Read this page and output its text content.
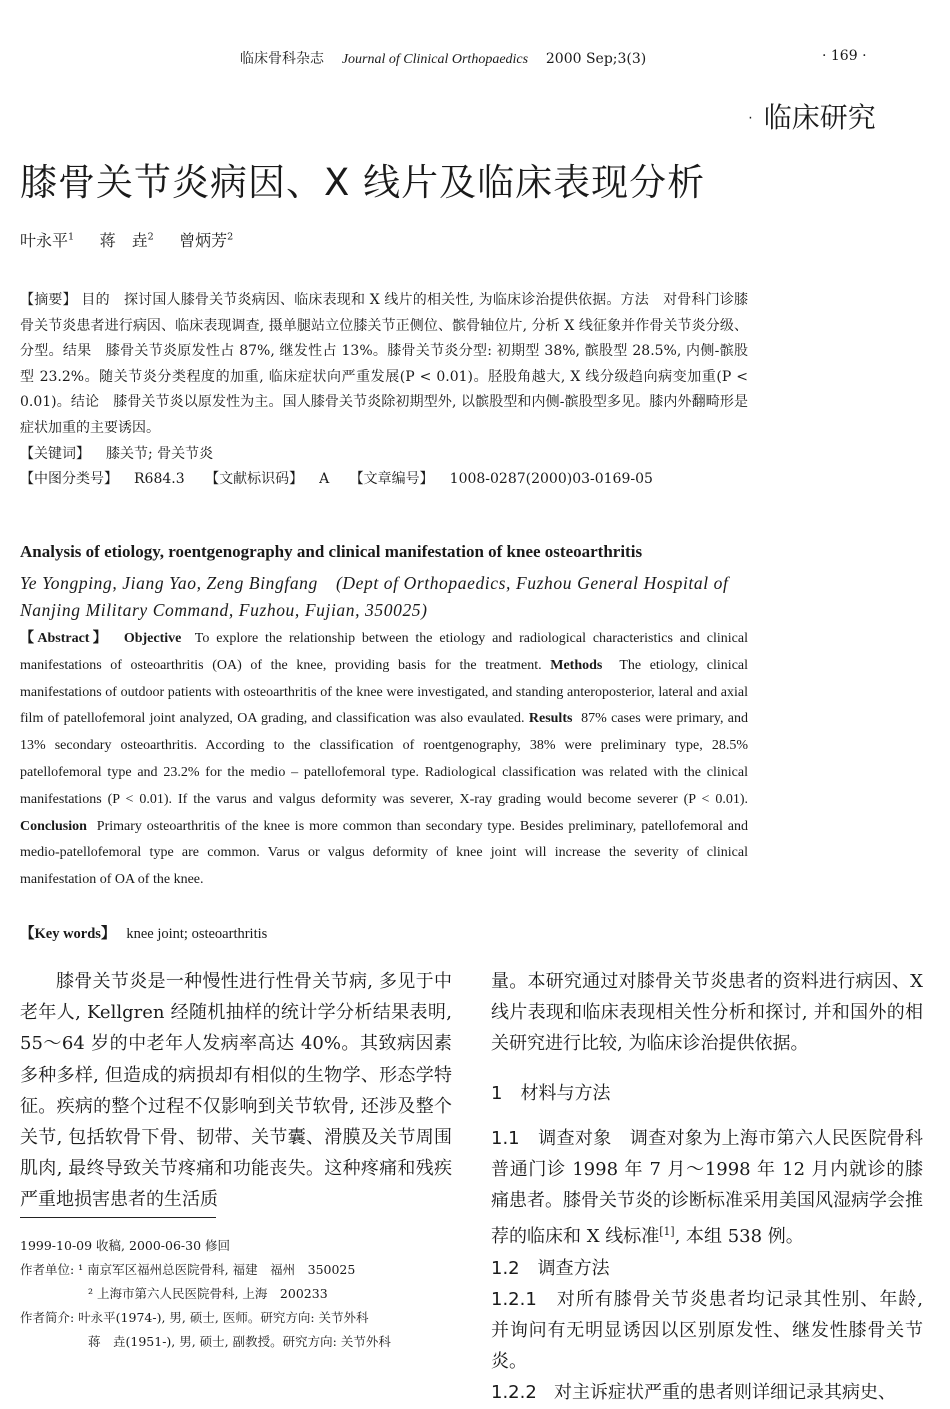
临床骨科杂志 Journal of Clinical Orthopaedics 2000 Sep;3(3)	· 169 ·
· 临床研究
膝骨关节炎病因、X 线片及临床表现分析
叶永平$^1$ 蒋　垚$^2$ 曾炳芳$^2$

【摘要】 目的　探讨国人膝骨关节炎病因、临床表现和 X 线片的相关性, 为临床诊治提供依据。方法　对骨科门诊膝骨关节炎患者进行病因、临床表现调查, 摄单腿站立位膝关节正侧位、髌骨轴位片, 分析 X 线征象并作骨关节炎分级、分型。结果　膝骨关节炎原发性占 87%, 继发性占 13%。膝骨关节炎分型: 初期型 38%, 髌股型 28.5%, 内侧-髌股型 23.2%。随关节炎分类程度的加重, 临床症状向严重发展(P < 0.01)。胫股角越大, X 线分级趋向病变加重(P < 0.01)。结论　膝骨关节炎以原发性为主。国人膝骨关节炎除初期型外, 以髌股型和内侧-髌股型多见。膝内外翻畸形是症状加重的主要诱因。

【关键词】 膝关节; 骨关节炎

【中图分类号】 R684.3 【文献标识码】 A 【文章编号】 1008-0287(2000)03-0169-05

Analysis of etiology, roentgenography and clinical manifestation of knee osteoarthritis
Ye Yongping, Jiang Yao, Zeng Bingfang　(Dept of Orthopaedics, Fuzhou General Hospital of Nanjing Military Command, Fuzhou, Fujian, 350025)
【Abstract】 Objective To explore the relationship between the etiology and radiological characteristics and clinical manifestations of osteoarthritis (OA) of the knee, providing basis for the treatment. Methods The etiology, clinical manifestations of outdoor patients with osteoarthritis of the knee were investigated, and standing anteroposterior, lateral and axial film of patellofemoral joint analyzed, OA grading, and classification was also evaulated. Results 87% cases were primary, and 13% secondary osteoarthritis. According to the classification of roentgenography, 38% were preliminary type, 28.5% patellofemoral type and 23.2% for the medio – patellofemoral type. Radiological classification was related with the clinical manifestations (P < 0.01). If the varus and valgus deformity was severer, X-ray grading would become severer (P < 0.01). Conclusion Primary osteoarthritis of the knee is more common than secondary type. Besides preliminary, patellofemoral and medio-patellofemoral type are common. Varus or valgus deformity of knee joint will increase the severity of clinical manifestation of OA of the knee.
【Key words】 knee joint; osteoarthritis

膝骨关节炎是一种慢性进行性骨关节病, 多见于中老年人, Kellgren 经随机抽样的统计学分析结果表明, 55～64 岁的中老年人发病率高达 40%。其致病因素多种多样, 但造成的病损却有相似的生物学、形态学特征。疾病的整个过程不仅影响到关节软骨, 还涉及整个关节, 包括软骨下骨、韧带、关节囊、滑膜及关节周围肌肉, 最终导致关节疼痛和功能丧失。这种疼痛和残疾严重地损害患者的生活质

量。本研究通过对膝骨关节炎患者的资料进行病因、X 线片表现和临床表现相关性分析和探讨, 并和国外的相关研究进行比较, 为临床诊治提供依据。

1　材料与方法

1.1　调查对象 调查对象为上海市第六人民医院骨科普通门诊 1998 年 7 月～1998 年 12 月内就诊的膝痛患者。膝骨关节炎的诊断标准采用美国风湿病学会推荐的临床和 X 线标准[1], 本组 538 例。

1.2　调查方法

1.2.1 对所有膝骨关节炎患者均记录其性别、年龄, 并询问有无明显诱因以区别原发性、继发性膝骨关节炎。

1.2.2 对主诉症状严重的患者则详细记录其病史、

1999-10-09 收稿, 2000-06-30 修回
作者单位: ¹ 南京军区福州总医院骨科, 福建　福州　350025
² 上海市第六人民医院骨科, 上海　200233
作者简介: 叶永平(1974-), 男, 硕士, 医师。研究方向: 关节外科
蒋　垚(1951-), 男, 硕士, 副教授。研究方向: 关节外科
